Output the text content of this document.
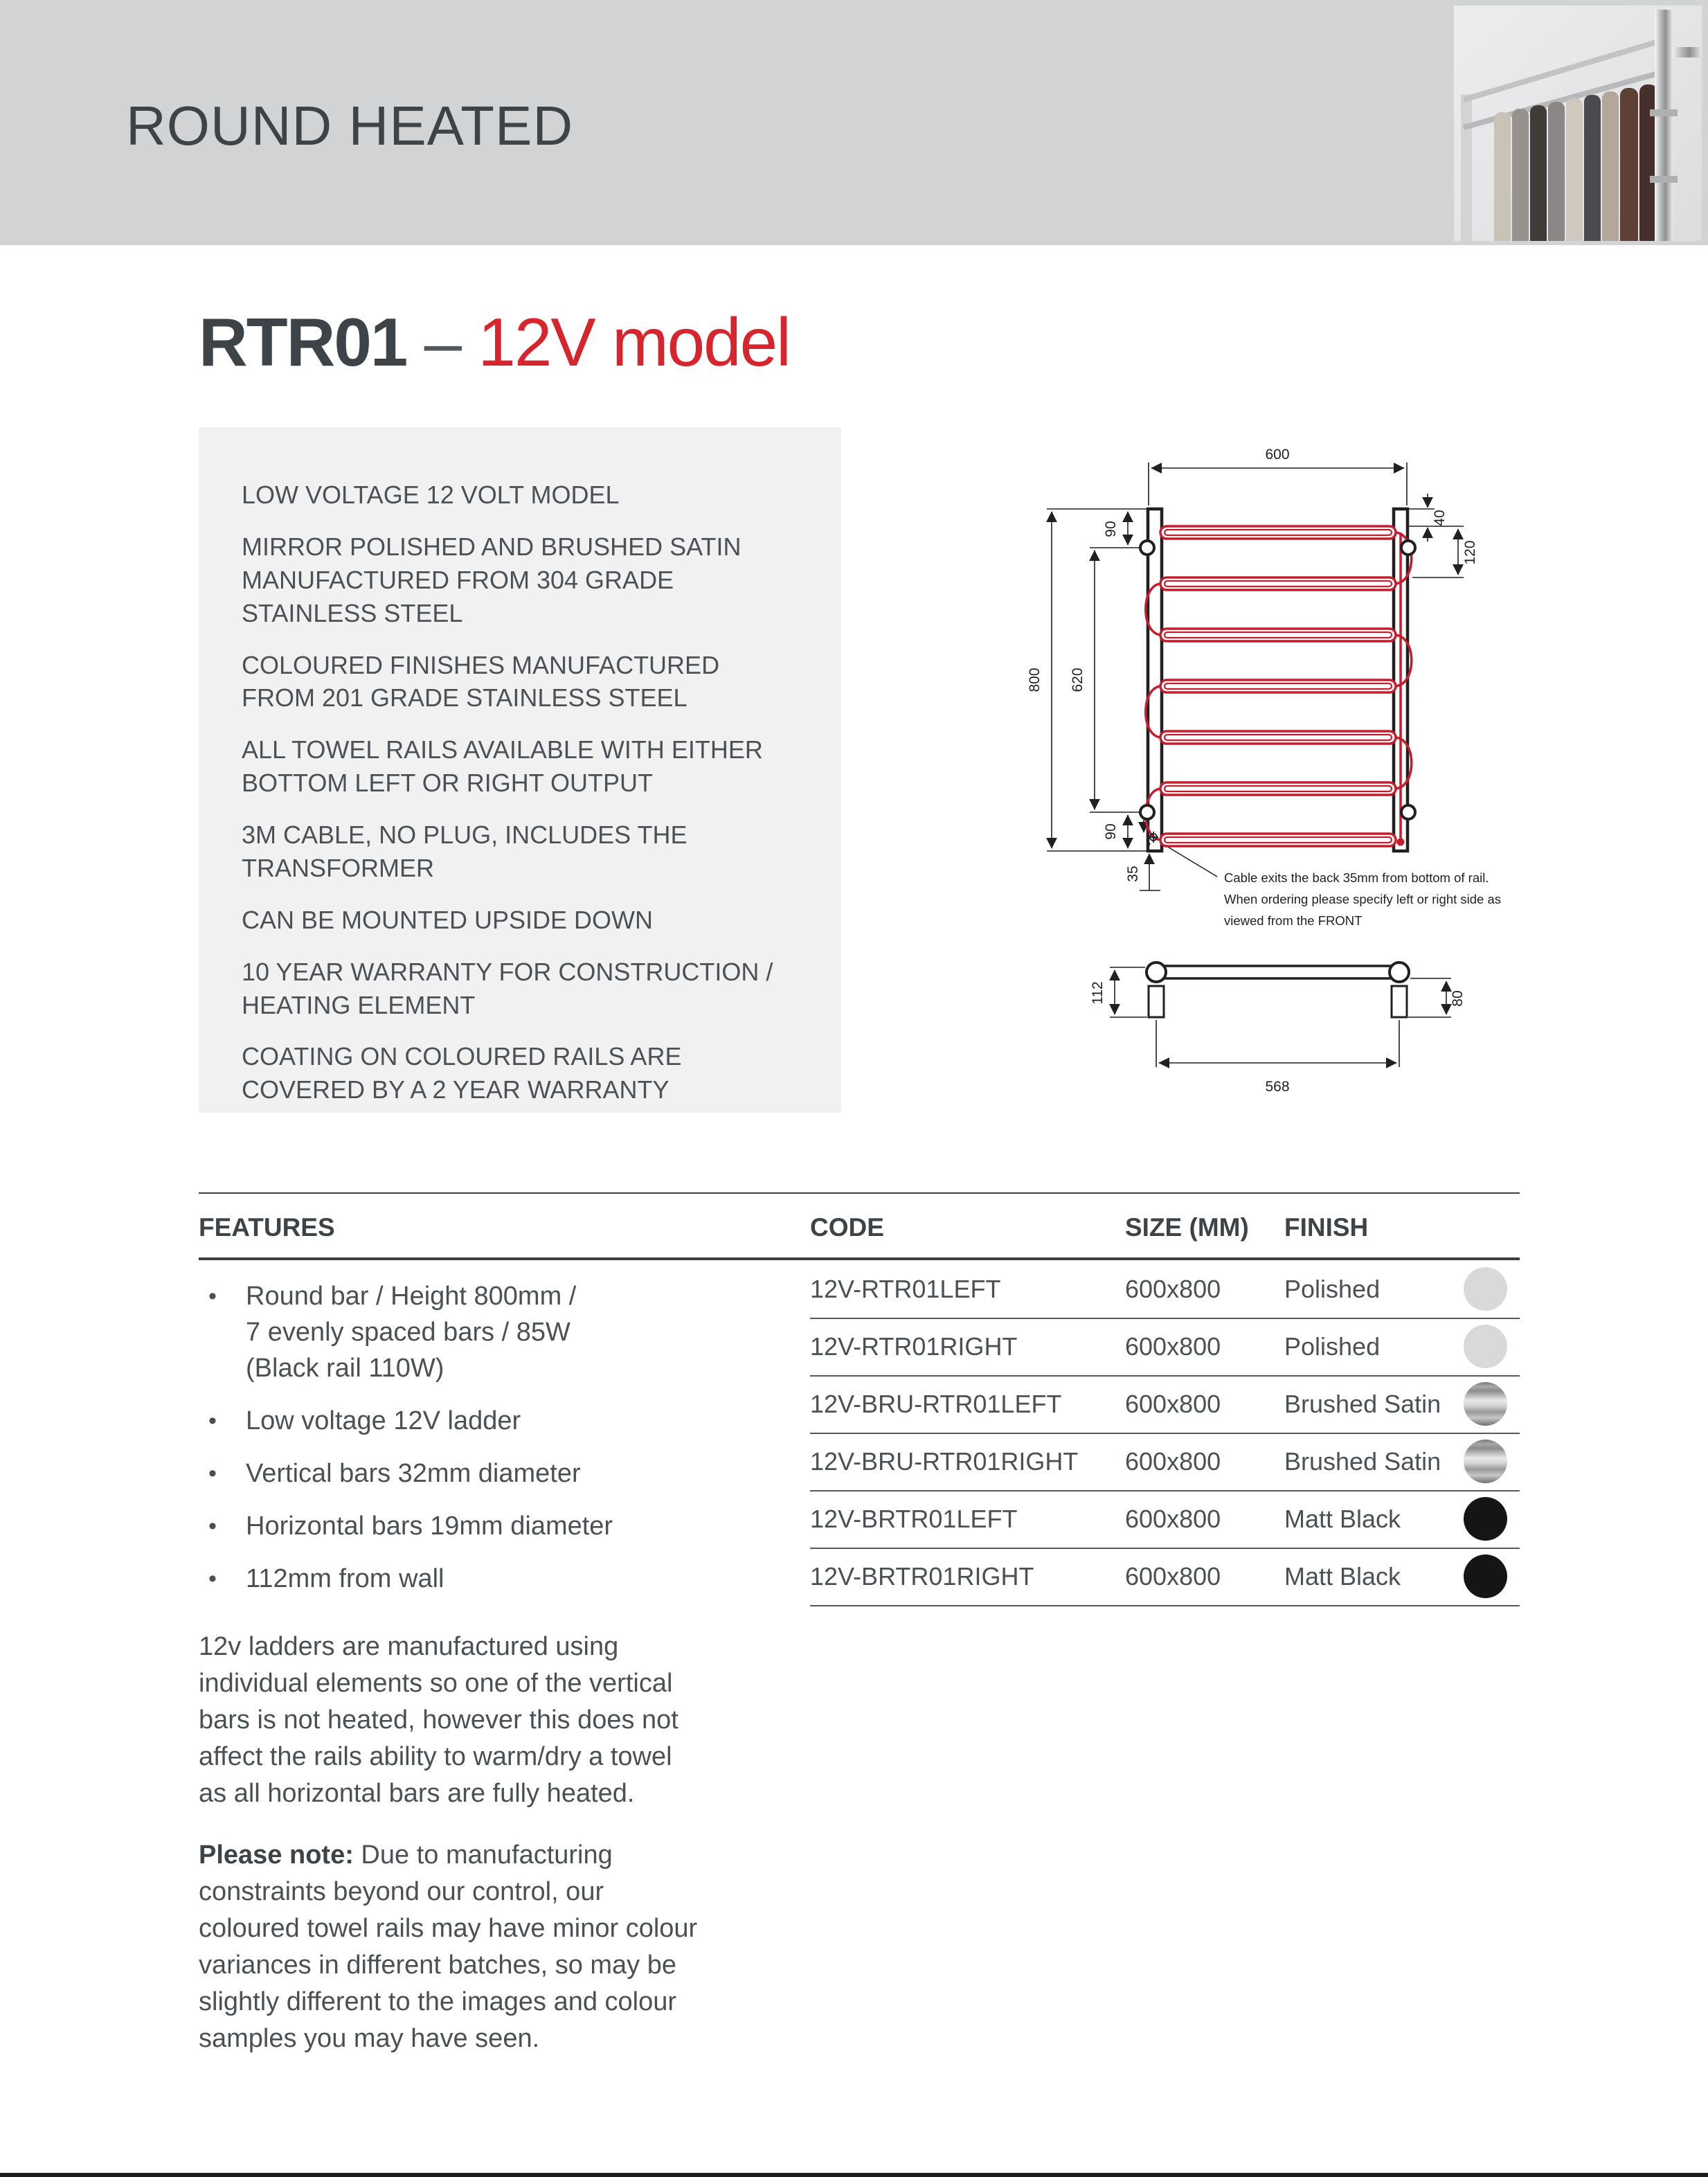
ROUND HEATED
RTR01 – 12V model
LOW VOLTAGE 12 VOLT MODEL
MIRROR POLISHED AND BRUSHED SATIN
MANUFACTURED FROM 304 GRADE
STAINLESS STEEL
COLOURED FINISHES MANUFACTURED
FROM 201 GRADE STAINLESS STEEL
ALL TOWEL RAILS AVAILABLE WITH EITHER
BOTTOM LEFT OR RIGHT OUTPUT
3M CABLE, NO PLUG, INCLUDES THE
TRANSFORMER
CAN BE MOUNTED UPSIDE DOWN
10 YEAR WARRANTY FOR CONSTRUCTION /
HEATING ELEMENT
COATING ON COLOURED RAILS ARE
COVERED BY A 2 YEAR WARRANTY
600
800 620
90
90
35
40
120
Cable exits the back 35mm from bottom of rail.
When ordering please specify left or right side as
viewed from the FRONT
112	80
568
FEATURES	CODE	SIZE (MM) FINISH
12V-RTR01LEFT	600x800	Polished
12V-RTR01RIGHT	600x800	Polished
12V-BRU-RTR01LEFT	600x800	Brushed Satin
12V-BRU-RTR01RIGHT 600x800	Brushed Satin
12V-BRTR01LEFT	600x800	Matt Black
12V-BRTR01RIGHT	600x800	Matt Black
•	Round bar / Height 800mm /
7 evenly spaced bars / 85W
(Black rail 110W)
•	Low voltage 12V ladder
•	Vertical bars 32mm diameter
•	Horizontal bars 19mm diameter
•	112mm from wall
12v ladders are manufactured using
individual elements so one of the vertical
bars is not heated, however this does not
affect the rails ability to warm/dry a towel
as all horizontal bars are fully heated.
Please note: Due to manufacturing
constraints beyond our control, our
coloured towel rails may have minor colour
variances in different batches, so may be
slightly different to the images and colour
samples you may have seen.
